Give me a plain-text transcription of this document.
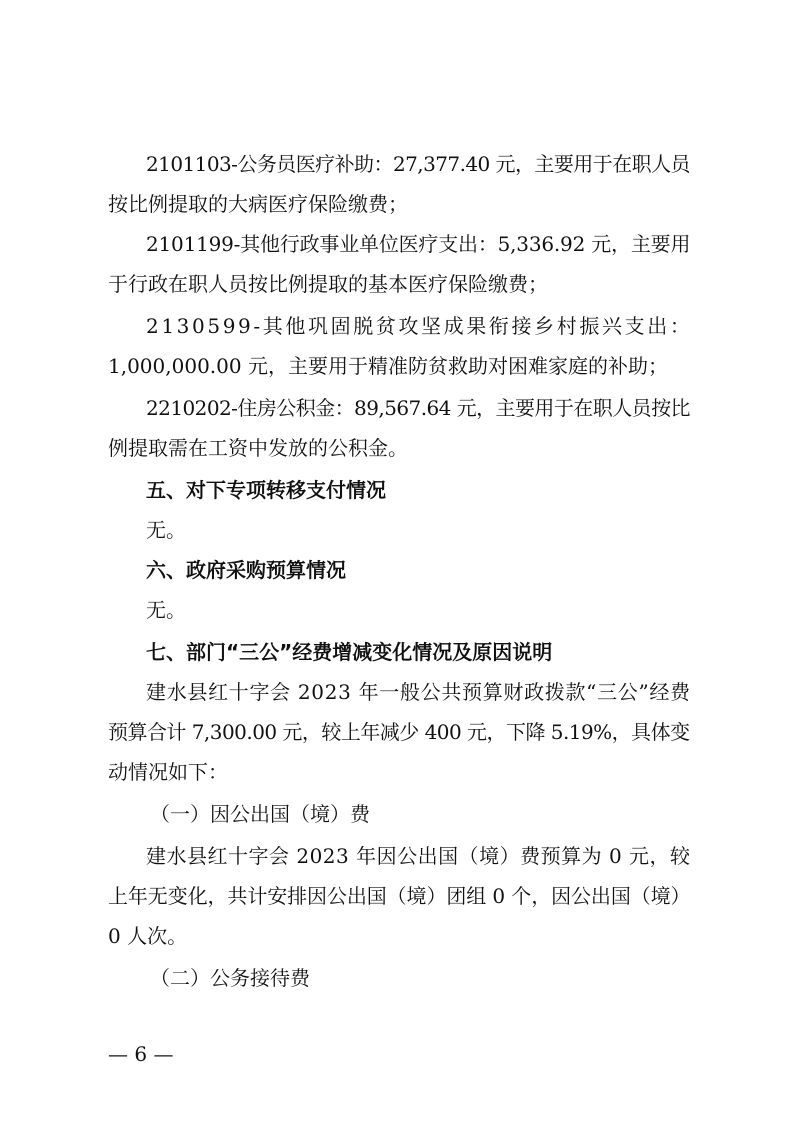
2101103-公务员医疗补助：27,377.40 元，主要用于在职人员

按比例提取的大病医疗保险缴费；

2101199-其他行政事业单位医疗支出：5,336.92 元，主要用

于行政在职人员按比例提取的基本医疗保险缴费；

2130599-其他巩固脱贫攻坚成果衔接乡村振兴支出：

1,000,000.00 元，主要用于精准防贫救助对困难家庭的补助；

2210202-住房公积金：89,567.64 元，主要用于在职人员按比

例提取需在工资中发放的公积金。

五、对下专项转移支付情况

无。

六、政府采购预算情况

无。

七、部门“三公”经费增减变化情况及原因说明

建水县红十字会 2023 年一般公共预算财政拨款“三公”经费

预算合计 7,300.00 元，较上年减少 400 元，下降 5.19%，具体变

动情况如下：

（一）因公出国（境）费

建水县红十字会 2023 年因公出国（境）费预算为 0 元，较

上年无变化，共计安排因公出国（境）团组 0 个，因公出国（境）

0 人次。

（二）公务接待费

— 6 —
